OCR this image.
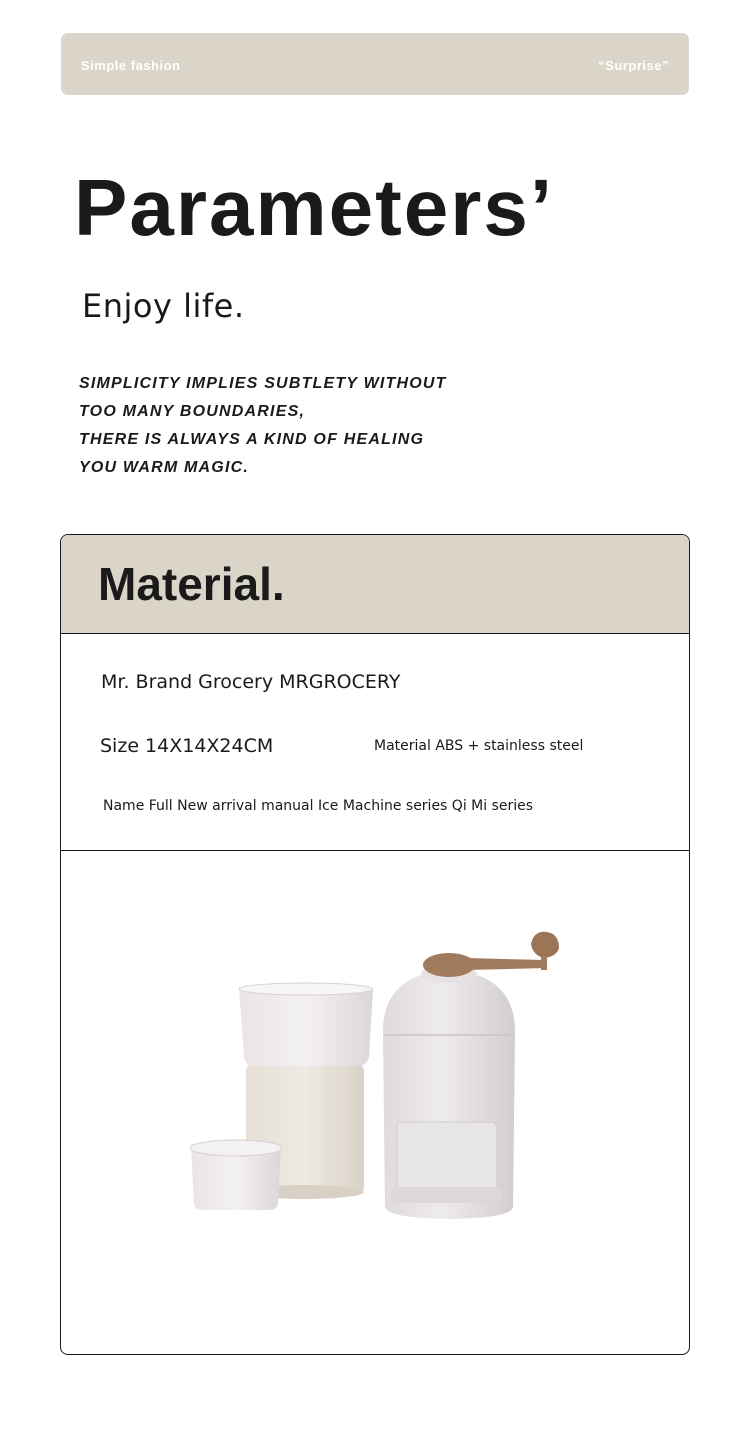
Simple fashion	“Surprise”
Parameters’
Enjoy life.
SIMPLICITY IMPLIES SUBTLETY WITHOUT
TOO MANY BOUNDARIES,
THERE IS ALWAYS A KIND OF HEALING
YOU WARM MAGIC.
Material.
Mr. Brand Grocery MRGROCERY
Size 14X14X24CM	Material ABS + stainless steel
Name Full New arrival manual Ice Machine series Qi Mi series
